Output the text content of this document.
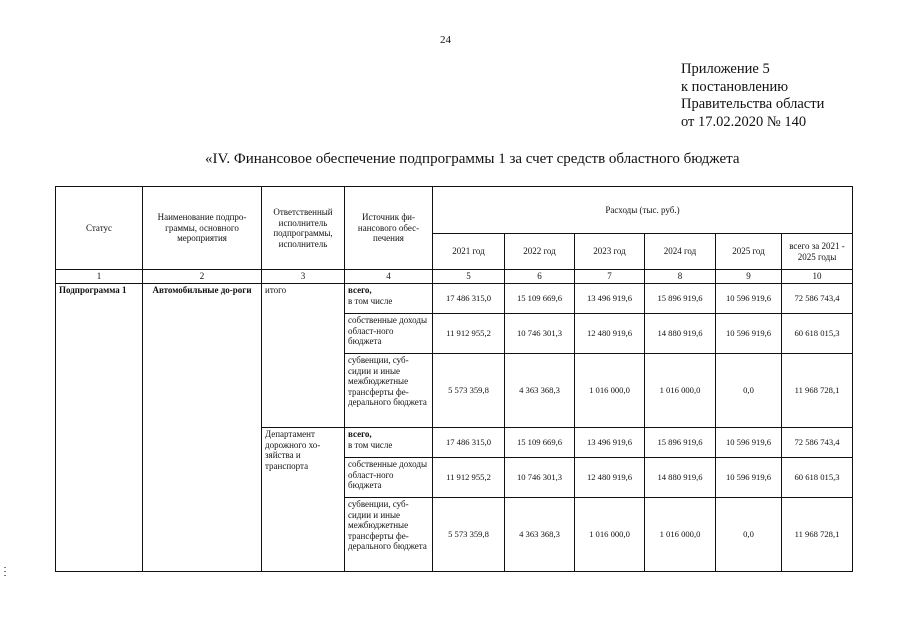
24
Приложение 5
к постановлению
Правительства области
от 17.02.2020 № 140
«IV. Финансовое обеспечение подпрограммы 1 за счет средств областного бюджета
Статус	Наименование подпро-граммы, основного мероприятия	Ответственный исполнитель подпрограммы, исполнитель	Источник фи-нансового обес-печения	Расходы (тыс. руб.)					
				2021 год	2022 год	2023 год	2024 год	2025 год	всего за 2021 - 2025 годы
1	2	3	4	5	6	7	8	9	10
Подпрограмма 1	Автомобильные до-роги	итого	всего,
в том числе	17 486 315,0	15 109 669,6	13 496 919,6	15 896 919,6	10 596 919,6	72 586 743,4
			собственные доходы област-ного бюджета	11 912 955,2	10 746 301,3	12 480 919,6	14 880 919,6	10 596 919,6	60 618 015,3
			субвенции, суб-сидии и иные межбюджетные трансферты фе-дерального бюджета	5 573 359,8	4 363 368,3	1 016 000,0	1 016 000,0	0,0	11 968 728,1
		Департамент дорожного хо-зяйства и транспорта	всего,
в том числе	17 486 315,0	15 109 669,6	13 496 919,6	15 896 919,6	10 596 919,6	72 586 743,4
			собственные доходы област-ного бюджета	11 912 955,2	10 746 301,3	12 480 919,6	14 880 919,6	10 596 919,6	60 618 015,3
			субвенции, суб-сидии и иные межбюджетные трансферты фе-дерального бюджета	5 573 359,8	4 363 368,3	1 016 000,0	1 016 000,0	0,0	11 968 728,1
